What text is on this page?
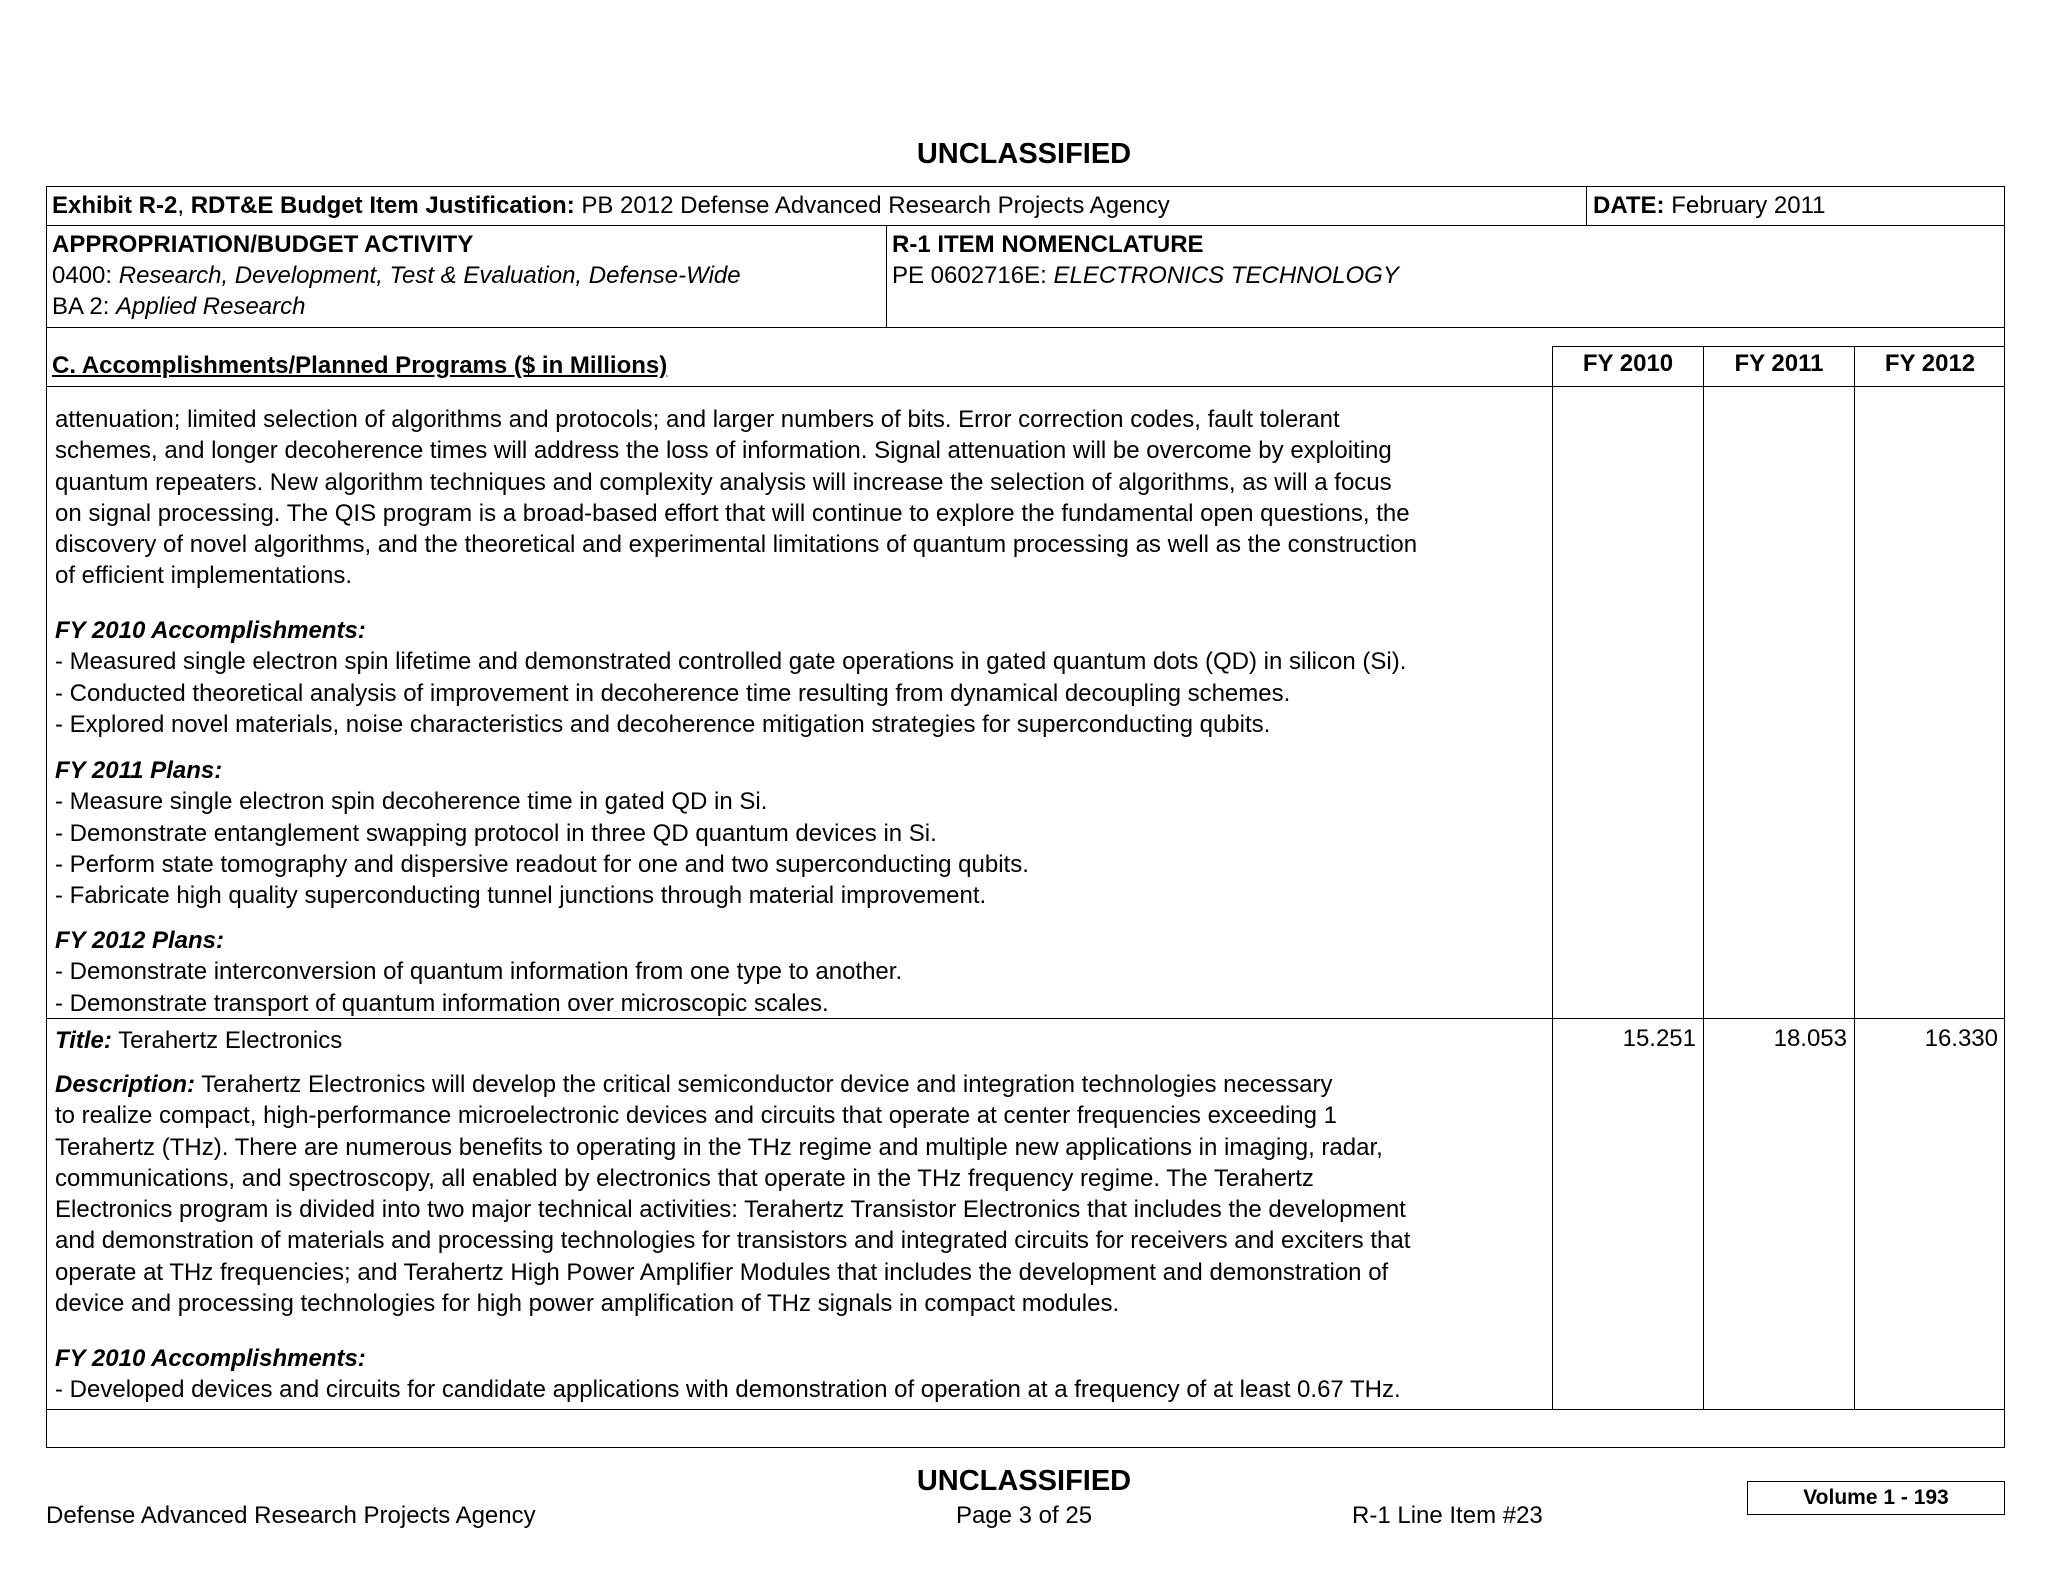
UNCLASSIFIED
Exhibit R-2, RDT&E Budget Item Justification: PB 2012 Defense Advanced Research Projects Agency	DATE: February 2011
APPROPRIATION/BUDGET ACTIVITY
0400: Research, Development, Test & Evaluation, Defense-Wide
BA 2: Applied Research
R-1 ITEM NOMENCLATURE
PE 0602716E: ELECTRONICS TECHNOLOGY
C. Accomplishments/Planned Programs ($ in Millions)	FY 2010	FY 2011	FY 2012
attenuation; limited selection of algorithms and protocols; and larger numbers of bits. Error correction codes, fault tolerant
schemes, and longer decoherence times will address the loss of information. Signal attenuation will be overcome by exploiting
quantum repeaters. New algorithm techniques and complexity analysis will increase the selection of algorithms, as will a focus
on signal processing. The QIS program is a broad-based effort that will continue to explore the fundamental open questions, the
discovery of novel algorithms, and the theoretical and experimental limitations of quantum processing as well as the construction
of efficient implementations.
FY 2010 Accomplishments:
- Measured single electron spin lifetime and demonstrated controlled gate operations in gated quantum dots (QD) in silicon (Si).
- Conducted theoretical analysis of improvement in decoherence time resulting from dynamical decoupling schemes.
- Explored novel materials, noise characteristics and decoherence mitigation strategies for superconducting qubits.
FY 2011 Plans:
- Measure single electron spin decoherence time in gated QD in Si.
- Demonstrate entanglement swapping protocol in three QD quantum devices in Si.
- Perform state tomography and dispersive readout for one and two superconducting qubits.
- Fabricate high quality superconducting tunnel junctions through material improvement.
FY 2012 Plans:
- Demonstrate interconversion of quantum information from one type to another.
- Demonstrate transport of quantum information over microscopic scales.
Title: Terahertz Electronics	15.251	18.053	16.330
Description: Terahertz Electronics will develop the critical semiconductor device and integration technologies necessary
to realize compact, high-performance microelectronic devices and circuits that operate at center frequencies exceeding 1
Terahertz (THz). There are numerous benefits to operating in the THz regime and multiple new applications in imaging, radar,
communications, and spectroscopy, all enabled by electronics that operate in the THz frequency regime. The Terahertz
Electronics program is divided into two major technical activities: Terahertz Transistor Electronics that includes the development
and demonstration of materials and processing technologies for transistors and integrated circuits for receivers and exciters that
operate at THz frequencies; and Terahertz High Power Amplifier Modules that includes the development and demonstration of
device and processing technologies for high power amplification of THz signals in compact modules.
FY 2010 Accomplishments:
- Developed devices and circuits for candidate applications with demonstration of operation at a frequency of at least 0.67 THz.
UNCLASSIFIED
Defense Advanced Research Projects Agency	Page 3 of 25	R-1 Line Item #23
Volume 1 - 193
